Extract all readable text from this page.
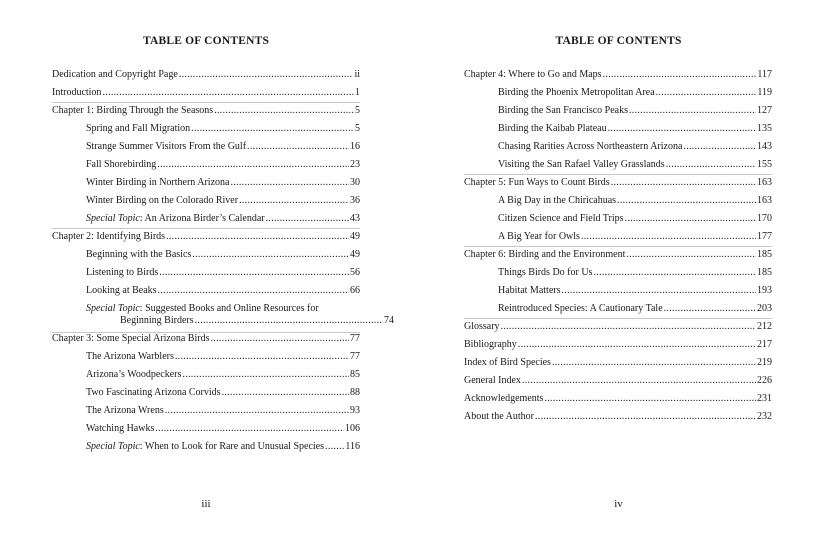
TABLE OF CONTENTS
Dedication and Copyright Page .....	ii
Introduction .....	1
Chapter 1: Birding Through the Seasons .....	5
Spring and Fall Migration .....	5
Strange Summer Visitors From the Gulf .....	16
Fall Shorebirding .....	23
Winter Birding in Northern Arizona .....	30
Winter Birding on the Colorado River .....	36
Special Topic: An Arizona Birder’s Calendar .....	43
Chapter 2: Identifying Birds .....	49
Beginning with the Basics .....	49
Listening to Birds .....	56
Looking at Beaks .....	66
Special Topic: Suggested Books and Online Resources for
Beginning Birders .....	74
Chapter 3: Some Special Arizona Birds .....	77
The Arizona Warblers .....	77
Arizona’s Woodpeckers .....	85
Two Fascinating Arizona Corvids .....	88
The Arizona Wrens .....	93
Watching Hawks .....	106
Special Topic: When to Look for Rare and Unusual Species ..... 116
iii
TABLE OF CONTENTS
Chapter 4: Where to Go and Maps .....	117
Birding the Phoenix Metropolitan Area .....	119
Birding the San Francisco Peaks .....	127
Birding the Kaibab Plateau .....	135
Chasing Rarities Across Northeastern Arizona .....	143
Visiting the San Rafael Valley Grasslands .....	155
Chapter 5: Fun Ways to Count Birds .....	163
A Big Day in the Chiricahuas .....	163
Citizen Science and Field Trips .....	170
A Big Year for Owls .....	177
Chapter 6: Birding and the Environment .....	185
Things Birds Do for Us .....	185
Habitat Matters .....	193
Reintroduced Species: A Cautionary Tale .....	203
Glossary .....	212
Bibliography .....	217
Index of Bird Species .....	219
General Index .....	226
Acknowledgements .....	231
About the Author .....	232
iv
